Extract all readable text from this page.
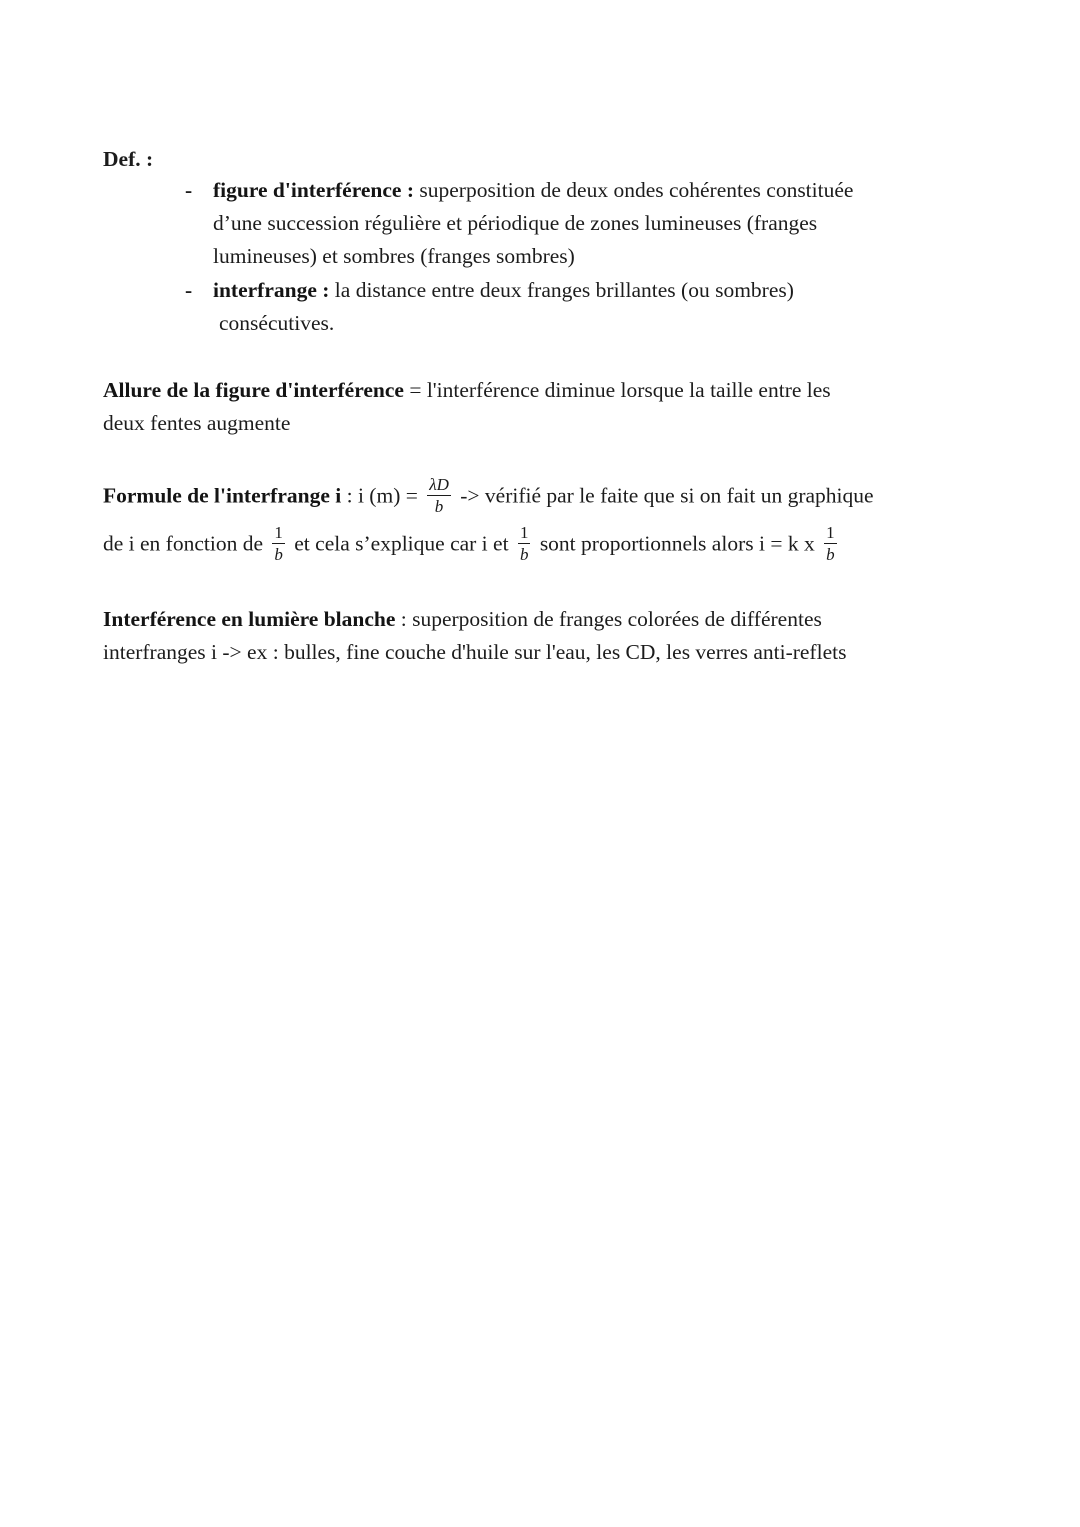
Def. :
- figure d'interférence : superposition de deux ondes cohérentes constituée
d’une succession régulière et périodique de zones lumineuses (franges
lumineuses) et sombres (franges sombres)
- interfrange : la distance entre deux franges brillantes (ou sombres)
consécutives.
Allure de la figure d'interférence = l'interférence diminue lorsque la taille entre les
deux fentes augmente
Formule de l'interfrange i : i $(m) = \frac{\lambda D}{b}$ -> vérifié par le faite que si on fait un graphique
de i en fonction de $\frac{1}{b}$ et cela s’explique car i et $\frac{1}{b}$ sont proportionnels alors i = k x $\frac{1}{b}$
Interférence en lumière blanche : superposition de franges colorées de différentes
interfranges i -> ex : bulles, fine couche d'huile sur l'eau, les CD, les verres anti-reflets
